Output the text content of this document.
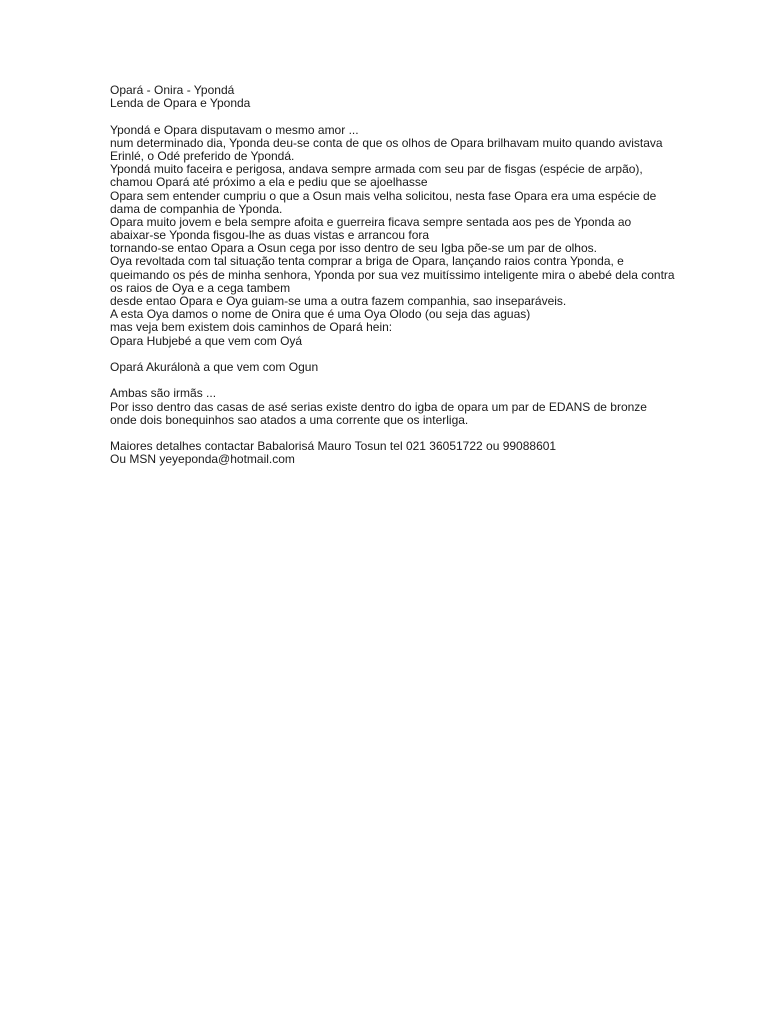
Opará - Onira - Ypondá
Lenda de Opara e Yponda
Ypondá e Opara disputavam o mesmo amor ...
num determinado dia, Yponda deu-se conta de que os olhos de Opara brilhavam muito quando avistava
Erinlé, o Odé preferido de Ypondá.
Ypondá muito faceira e perigosa, andava sempre armada com seu par de fisgas (espécie de arpão),
chamou Opará até próximo a ela e pediu que se ajoelhasse
Opara sem entender cumpriu o que a Osun mais velha solicitou, nesta fase Opara era uma espécie de
dama de companhia de Yponda.
Opara muito jovem e bela sempre afoita e guerreira ficava sempre sentada aos pes de Yponda ao
abaixar-se Yponda fisgou-lhe as duas vistas e arrancou fora
tornando-se entao Opara a Osun cega por isso dentro de seu Igba põe-se um par de olhos.
Oya revoltada com tal situação tenta comprar a briga de Opara, lançando raios contra Yponda, e
queimando os pés de minha senhora, Yponda por sua vez muitíssimo inteligente mira o abebé dela contra
os raios de Oya e a cega tambem
desde entao Opara e Oya guiam-se uma a outra fazem companhia, sao inseparáveis.
A esta Oya damos o nome de Onira que é uma Oya Olodo (ou seja das aguas)
mas veja bem existem dois caminhos de Opará hein:
Opara Hubjebé a que vem com Oyá
Opará Akurálonà a que vem com Ogun
Ambas são irmãs ...
Por isso dentro das casas de asé serias existe dentro do igba de opara um par de EDANS de bronze
onde dois bonequinhos sao atados a uma corrente que os interliga.
Maiores detalhes contactar Babalorisá Mauro Tosun tel 021 36051722 ou 99088601
Ou MSN yeyeponda@hotmail.com
